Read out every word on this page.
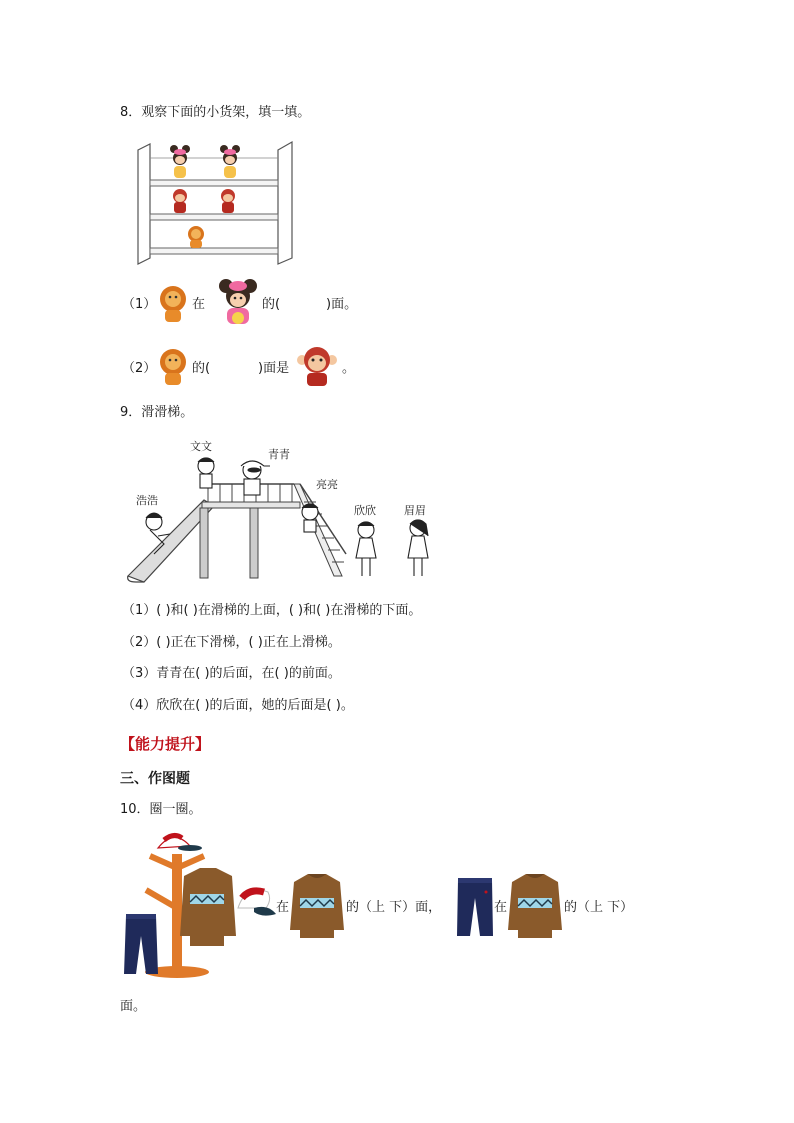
8．观察下面的小货架，填一填。
（1）	在	的(	)面。
（2）	的(	)面是	。
9．滑滑梯。
文文
青青
浩浩
亮亮
欣欣	眉眉
（1）( )和( )在滑梯的上面，( )和( )在滑梯的下面。
（2）( )正在下滑梯，( )正在上滑梯。
（3）青青在( )的后面，在( )的前面。
（4）欣欣在( )的后面，她的后面是( )。
【能力提升】
三、作图题
10．圈一圈。
在	的（上 下）面，	在	的（上 下）
面。
